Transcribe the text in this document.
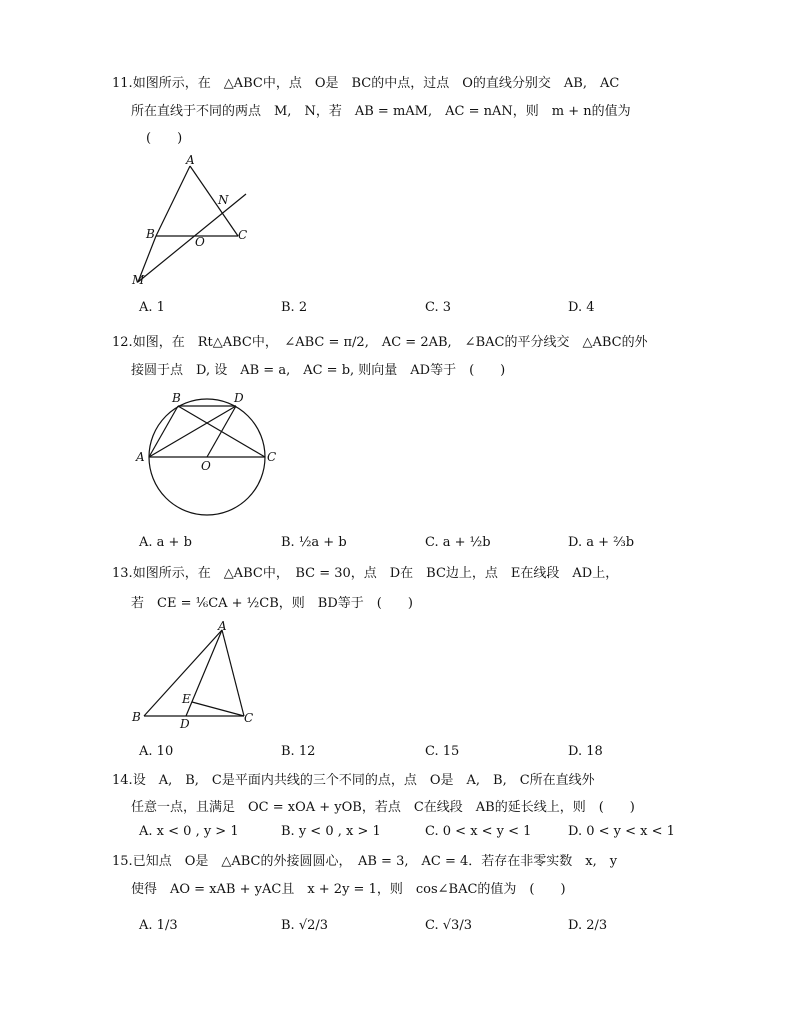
11.如图所示，在　△ABC中，点　O是　BC的中点，过点　O的直线分别交　AB,　AC
所在直线于不同的两点　M,　N，若　 AB = mAM,　AC = nAN，则　m + n的值为
(　　)
A
B	C
O
N
M
A. 1	B. 2	C. 3	D. 4
12.如图，在　Rt△ABC中，　∠ABC = π/2,　AC = 2AB,　∠BAC的平分线交　△ABC的外
接圆于点　D, 设　AB = a,　AC = b, 则向量　AD等于　(　　)
B	D
A	C
O
A. a + b	B. ½a + b	C. a + ½b	D. a + ⅔b
13.如图所示，在　△ABC中，　BC = 30，点　D在　BC边上，点　E在线段　AD上，
若　CE = ⅙CA + ½CB，则　BD等于　(　　)
A
B	C
D
E
A. 10	B. 12	C. 15	D. 18
14.设　A,　B,　C是平面内共线的三个不同的点，点　O是　A,　B,　C所在直线外
任意一点，且满足　OC = xOA + yOB，若点　C在线段　AB的延长线上，则　(　　)
A. x < 0 , y > 1	B. y < 0 , x > 1	C. 0 < x < y < 1	D. 0 < y < x < 1
15.已知点　O是　△ABC的外接圆圆心，　AB = 3,　AC = 4．若存在非零实数　x,　y
使得　AO = xAB + yAC且　x + 2y = 1，则　cos∠BAC的值为　(　　)
A. 1/3	B. √2/3	C. √3/3	D. 2/3
